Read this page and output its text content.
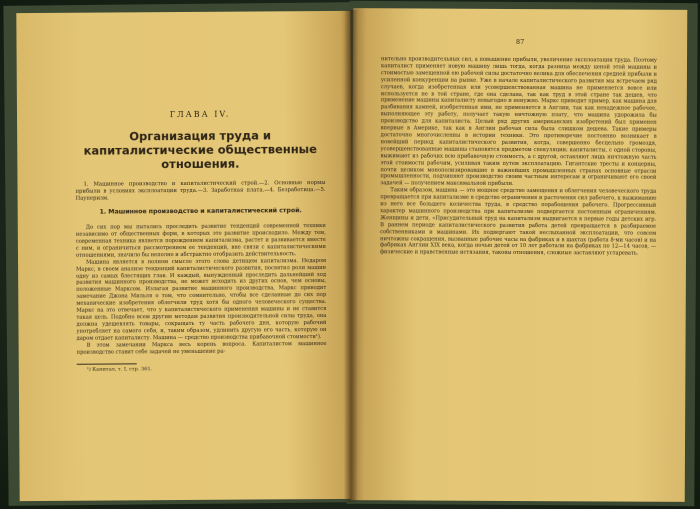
ГЛАВА IV.
Организация труда и капиталистические общественные отношения.

1. Машинное производство и капиталистический строй.—2. Основные нормы прибыли в условиях эксплоатации труда.—3. Заработная плата.—4. Безработица.—5. Пауперизм.

1. Машинное производство и капиталистический строй.

До сих пор мы пытались проследить развитие тенденций современной техники независимо от общественных форм, в которых это развитие происходило. Между тем, современная техника является порождением капитализма, растет и развивается вместе с ним, и ограничиться рассмотрением ее тенденций, вне связи с капиталистическими отношениями, значило бы неполно и абстрактно отобразить действительность.

Машина является в полном смысле этого слова детищем капитализма. Недаром Маркс, в своем анализе тенденций капиталистического развития, посвятил роли машин одну из самых блестящих глав. И каждый, вынужденный проследить дальнейший ход развития машинного производства, не может исходить из других основ, чем основы, положенные Марксом. Излагая развитие машинного производства, Маркс приводит замечание Джона Мильля о том, что сомнительно, чтобы все сделанные до сих пор механические изобретения облегчили труд хотя бы одного человеческого существа. Маркс на это отвечает, что у капиталистического применения машины и не ставится такая цель. Подобно всем другим методам развития производительной силы труда, она должна удешевлять товары, сокращать ту часть рабочего дня, которую рабочий употребляет на самого себя, и, таким образом, удлинить другую его часть, которую он даром отдает капиталисту. Машина — средство производства прибавочной стоимости¹).

В этом замечании Маркса весь корень вопроса. Капиталистом машинное производство ставит себе задачей не уменьшение ра-

¹) Капитал, т. I, стр. 361.

87

нительно производительных сил, а повышение прибыли, увеличение эксплоатации труда. Поэтому капиталист применяет новую машину лишь тогда, когда разница между ценой этой машины и стоимостью замещенной ею рабочей силы достаточно велика для обеспечения средней прибыли и усиленной конкуренции на рынке. Уже в начале капиталистического развития мы встречаем ряд случаев, когда изобретенная или усовершенствованная машина не применяется вовсе или используется не в той стране, где она сделана, так как труд в этой стране так дешев, что применение машины капиталисту невыгодно и ненужно. Маркс приводит пример, как машина для разбивания камней, изобретенная ими, не применяется в Англии, так как ненадежное рабочее, выполняющее эту работу, получает такую ничтожную плату, что машина удорожила бы производство для капиталиста. Целый ряд других американских изобретений был применен впервые в Америке, так как в Англии рабочая сила была слишком дешева. Такие примеры достаточно многочисленны в истории техники. Это противоречие постоянно возникает в новейший период капиталистического развития, когда, совершенно бесцельно громоздя, усовершенствованные машины становятся предметом спекуляции; капиталисты, с одной стороны, выжимают из рабочих всю прибавочную стоимость, а с другой, оставляют лишь ничтожную часть этой стоимости рабочим, усиливая таким путем эксплоатацию. Гигантские тресты и концерны, почти целиком монополизировавшие в важнейших промышленных странах основные отрасли промышленности, подчиняют производство своим частным интересам и ограничивают его своей задачей — получением максимальной прибыли.

Таким образом, машина — это мощное средство замещения и облегчения человеческого труда превращается при капитализме в средство ограничения и расточения сил рабочего, к выжиманию из него все большего количества труда, в средство порабощения рабочего. Прогрессивный характер машинного производства при капитализме подвергается постоянным ограничениям. Женщины и дети, «Присудительный труд на капитализм выдвигается в первые годы детских игр. В раннем периоде капиталистического развития работа детей превращается в разбираемое собственниками и машинами. Их подвергают такой неслыханной эксплоатации, что совсем ничтожны сокращения, вызванные рабочие часы на фабриках и в шахтах (работа 8-ми часов) и на фабриках Англии XIX века, когда ночью детей от 10 лет работали на фабриках по 12—14 часов, — физические и нравственные истязания, таковы отношения, сложные заставляют устаревать.
